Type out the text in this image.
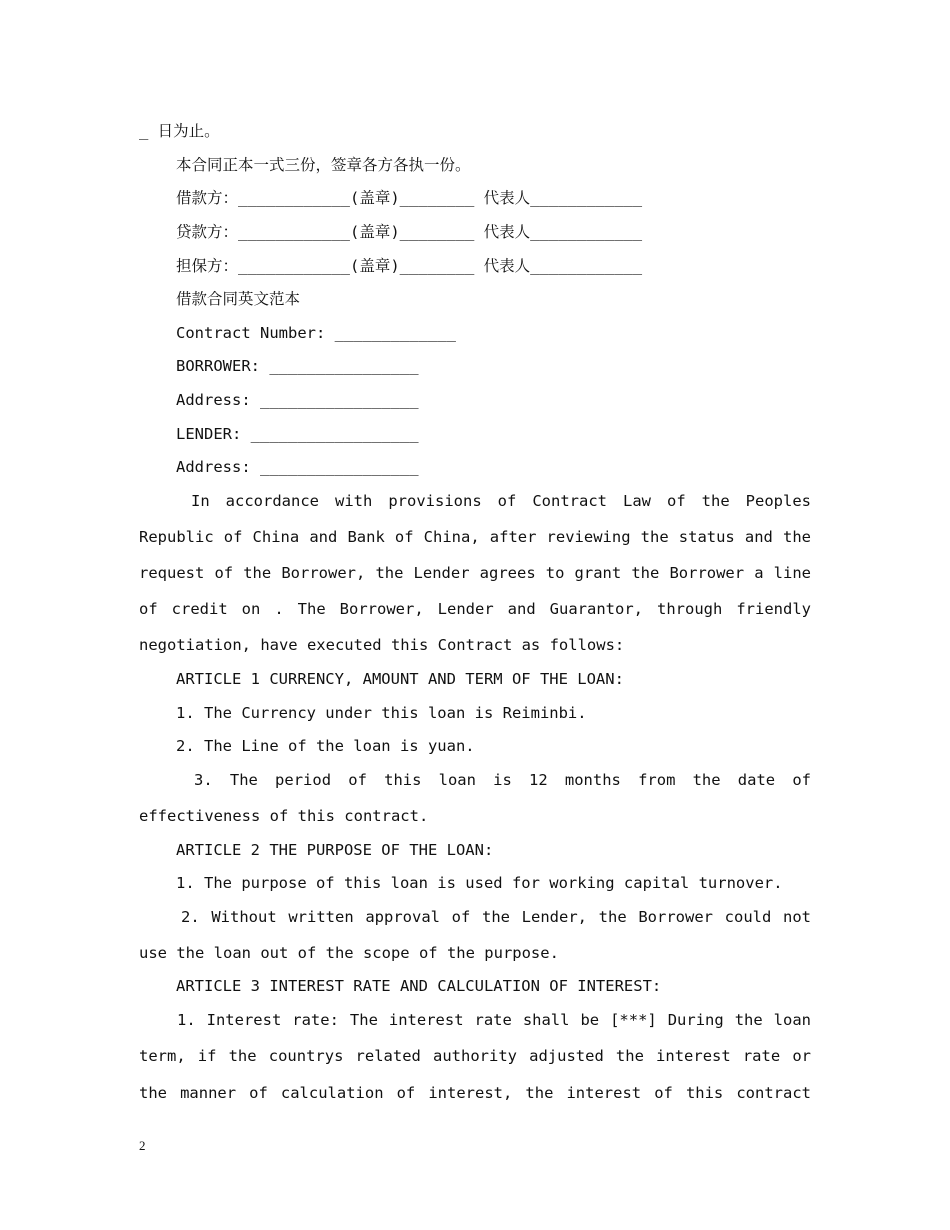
_ 日为止。

本合同正本一式三份，签章各方各执一份。

借款方：____________(盖章)________ 代表人____________

贷款方：____________(盖章)________ 代表人____________

担保方：____________(盖章)________ 代表人____________

借款合同英文范本

Contract Number: _____________

BORROWER: ________________

Address: _________________

LENDER: __________________

Address: _________________

In accordance with provisions of Contract Law of the Peoples

Republic of China and Bank of China, after reviewing the status and the

request of the Borrower, the Lender agrees to grant the Borrower a line

of credit on . The Borrower, Lender and Guarantor, through friendly

negotiation, have executed this Contract as follows:

ARTICLE 1 CURRENCY, AMOUNT AND TERM OF THE LOAN:

1. The Currency under this loan is Reiminbi.

2. The Line of the loan is yuan.

3. The period of this loan is 12 months from the date of

effectiveness of this contract.

ARTICLE 2 THE PURPOSE OF THE LOAN:

1. The purpose of this loan is used for working capital turnover.

2. Without written approval of the Lender, the Borrower could not

use the loan out of the scope of the purpose.

ARTICLE 3 INTEREST RATE AND CALCULATION OF INTEREST:

1. Interest rate: The interest rate shall be [***] During the loan

term, if the countrys related authority adjusted the interest rate or

the manner of calculation of interest, the interest of this contract

2
